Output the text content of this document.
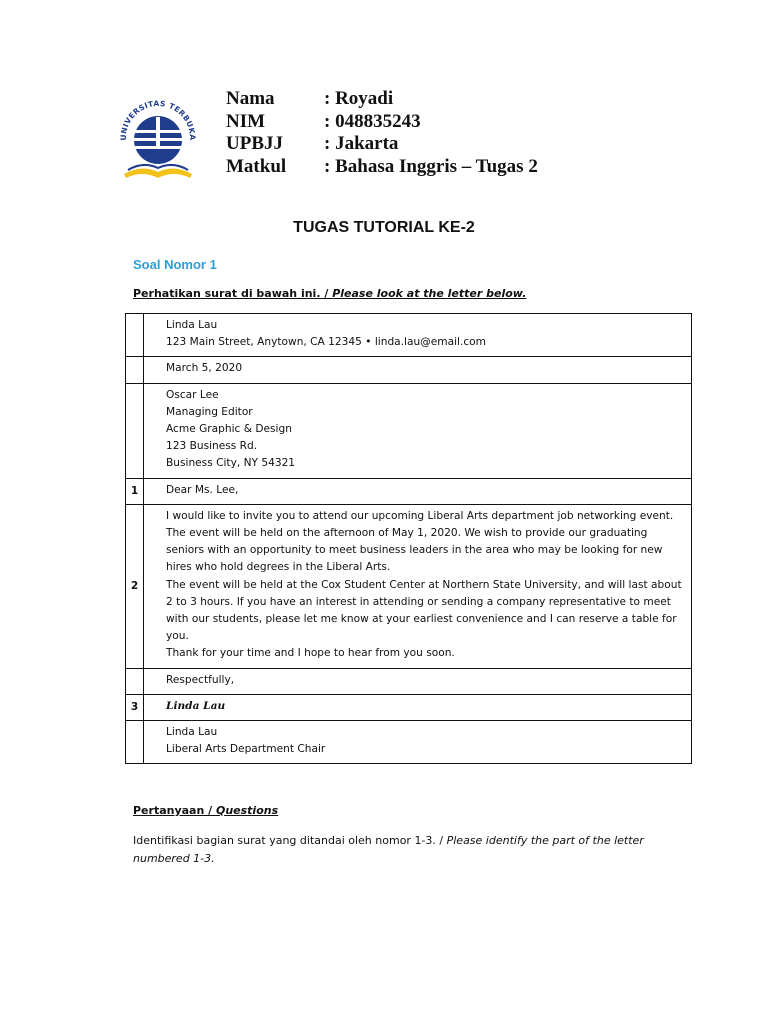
UNIVERSITAS TERBUKA
Nama	: Royadi
NIM	: 048835243
UPBJJ	: Jakarta
Matkul	: Bahasa Inggris – Tugas 2
TUGAS TUTORIAL KE-2
Soal Nomor 1
Perhatikan surat di bawah ini. / Please look at the letter below.

	Linda Lau
123 Main Street, Anytown, CA 12345 • linda.lau@email.com

	March 5, 2020

	Oscar Lee
Managing Editor
Acme Graphic & Design
123 Business Rd.
Business City, NY 54321

1	Dear Ms. Lee,
2	I would like to invite you to attend our upcoming Liberal Arts department job networking event. The event will be held on the afternoon of May 1, 2020. We wish to provide our graduating seniors with an opportunity to meet business leaders in the area who may be looking for new hires who hold degrees in the Liberal Arts.
The event will be held at the Cox Student Center at Northern State University, and will last about 2 to 3 hours. If you have an interest in attending or sending a company representative to meet with our students, please let me know at your earliest convenience and I can reserve a table for you.
Thank for your time and I hope to hear from you soon.

	Respectfully,
3	Linda Lau

	Linda Lau
Liberal Arts Department Chair
Pertanyaan / Questions
Identifikasi bagian surat yang ditandai oleh nomor 1-3. / Please identify the part of the letter numbered 1-3.
